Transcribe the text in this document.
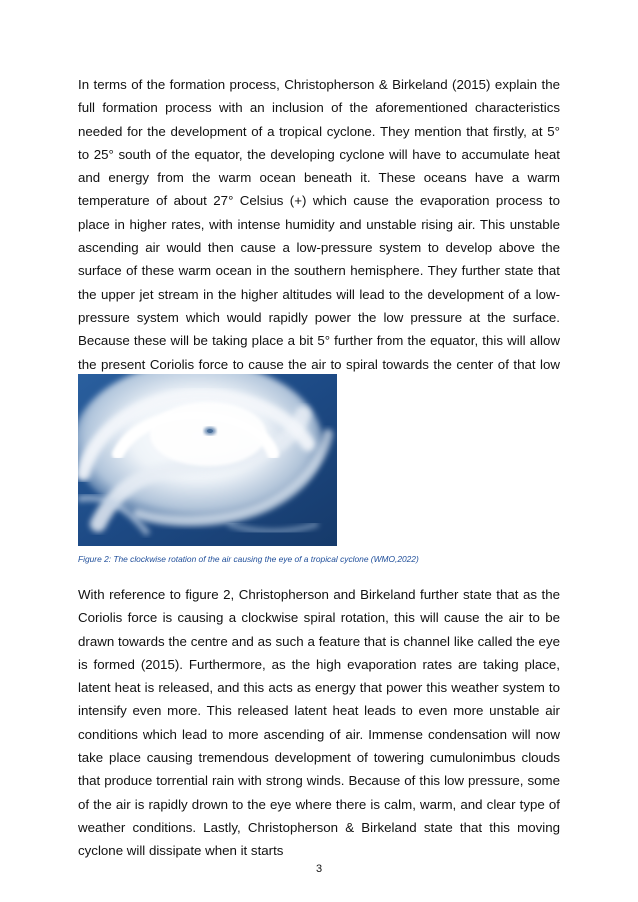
In terms of the formation process, Christopherson & Birkeland (2015) explain the full formation process with an inclusion of the aforementioned characteristics needed for the development of a tropical cyclone. They mention that firstly, at 5° to 25° south of the equator, the developing cyclone will have to accumulate heat and energy from the warm ocean beneath it. These oceans have a warm temperature of about 27° Celsius (+) which cause the evaporation process to place in higher rates, with intense humidity and unstable rising air. This unstable ascending air would then cause a low-pressure system to develop above the surface of these warm ocean in the southern hemisphere. They further state that the upper jet stream in the higher altitudes will lead to the development of a low-pressure system which would rapidly power the low pressure at the surface. Because these will be taking place a bit 5° further from the equator, this will allow the present Coriolis force to cause the air to spiral towards the center of that low

Figure 2: The clockwise rotation of the air causing the eye of a tropical cyclone (WMO,2022)

With reference to figure 2, Christopherson and Birkeland further state that as the Coriolis force is causing a clockwise spiral rotation, this will cause the air to be drawn towards the centre and as such a feature that is channel like called the eye is formed (2015). Furthermore, as the high evaporation rates are taking place, latent heat is released, and this acts as energy that power this weather system to intensify even more. This released latent heat leads to even more unstable air conditions which lead to more ascending of air. Immense condensation will now take place causing tremendous development of towering cumulonimbus clouds that produce torrential rain with strong winds. Because of this low pressure, some of the air is rapidly drown to the eye where there is calm, warm, and clear type of weather conditions. Lastly, Christopherson & Birkeland state that this moving cyclone will dissipate when it starts

3
